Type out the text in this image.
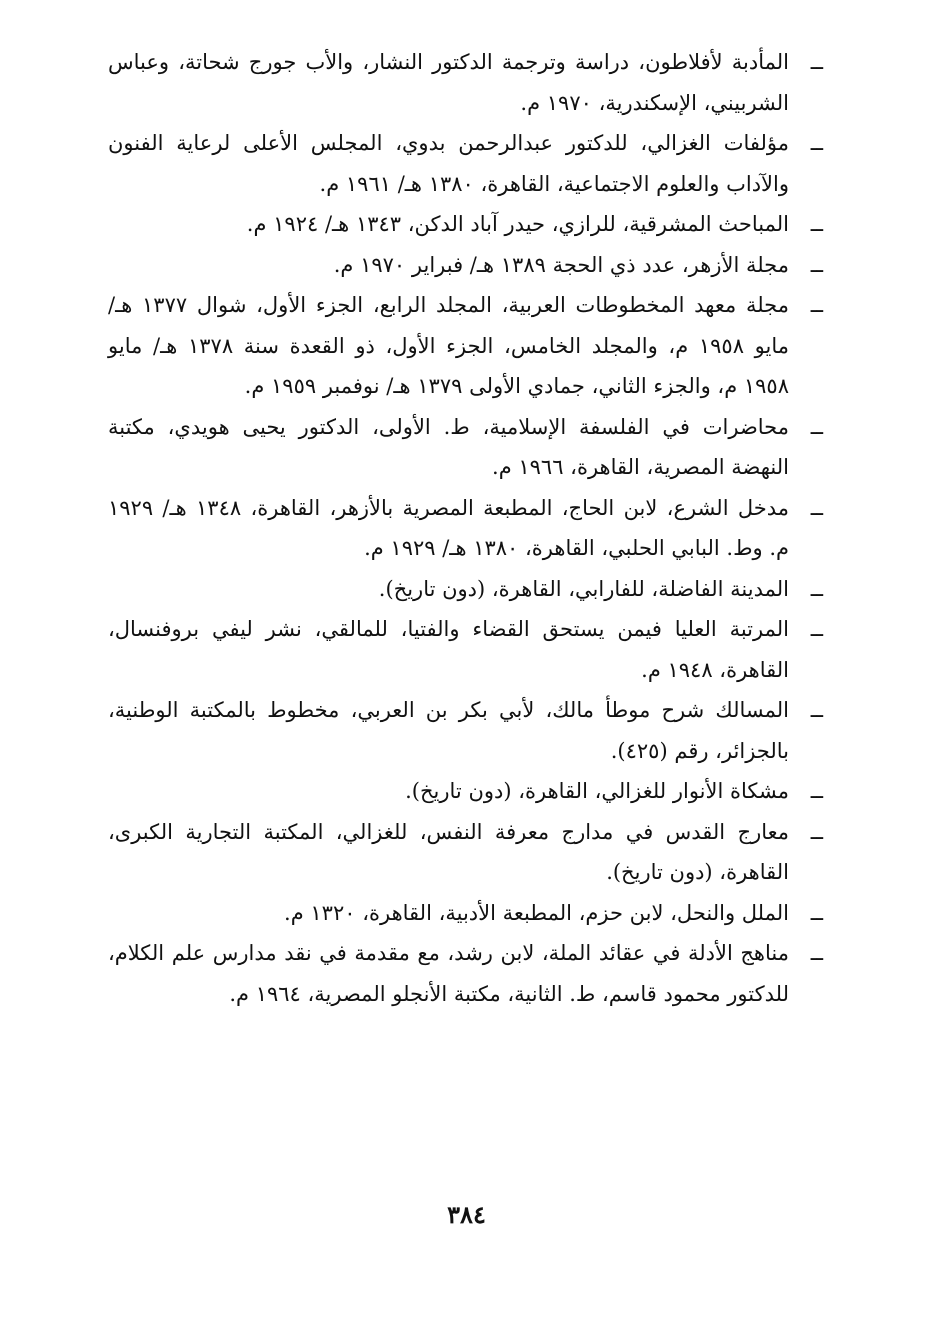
ــ
المأدبة لأفلاطون، دراسة وترجمة الدكتور النشار، والأب جورج شحاتة، وعباس الشربيني، الإسكندرية، ١٩٧٠ م.
ــ
مؤلفات الغزالي، للدكتور عبدالرحمن بدوي، المجلس الأعلى لرعاية الفنون والآداب والعلوم الاجتماعية، القاهرة، ١٣٨٠ هـ/ ١٩٦١ م.
ــ
المباحث المشرقية، للرازي، حيدر آباد الدكن، ١٣٤٣ هـ/ ١٩٢٤ م.
ــ
مجلة الأزهر، عدد ذي الحجة ١٣٨٩ هـ/ فبراير ١٩٧٠ م.
ــ
مجلة معهد المخطوطات العربية، المجلد الرابع، الجزء الأول، شوال ١٣٧٧ هـ/ مايو ١٩٥٨ م، والمجلد الخامس، الجزء الأول، ذو القعدة سنة ١٣٧٨ هـ/ مايو ١٩٥٨ م، والجزء الثاني، جمادي الأولى ١٣٧٩ هـ/ نوفمبر ١٩٥٩ م.
ــ
محاضرات في الفلسفة الإسلامية، ط. الأولى، الدكتور يحيى هويدي، مكتبة النهضة المصرية، القاهرة، ١٩٦٦ م.
ــ
مدخل الشرع، لابن الحاج، المطبعة المصرية بالأزهر، القاهرة، ١٣٤٨ هـ/ ١٩٢٩ م. وط. البابي الحلبي، القاهرة، ١٣٨٠ هـ/ ١٩٢٩ م.
ــ
المدينة الفاضلة، للفارابي، القاهرة، (دون تاريخ).
ــ
المرتبة العليا فيمن يستحق القضاء والفتيا، للمالقي، نشر ليفي بروفنسال، القاهرة، ١٩٤٨ م.
ــ
المسالك شرح موطأ مالك، لأبي بكر بن العربي، مخطوط بالمكتبة الوطنية، بالجزائر، رقم (٤٢٥).
ــ
مشكاة الأنوار للغزالي، القاهرة، (دون تاريخ).
ــ
معارج القدس في مدارج معرفة النفس، للغزالي، المكتبة التجارية الكبرى، القاهرة، (دون تاريخ).
ــ
الملل والنحل، لابن حزم، المطبعة الأدبية، القاهرة، ١٣٢٠ م.
ــ
مناهج الأدلة في عقائد الملة، لابن رشد، مع مقدمة في نقد مدارس علم الكلام، للدكتور محمود قاسم، ط. الثانية، مكتبة الأنجلو المصرية، ١٩٦٤ م.
٣٨٤
